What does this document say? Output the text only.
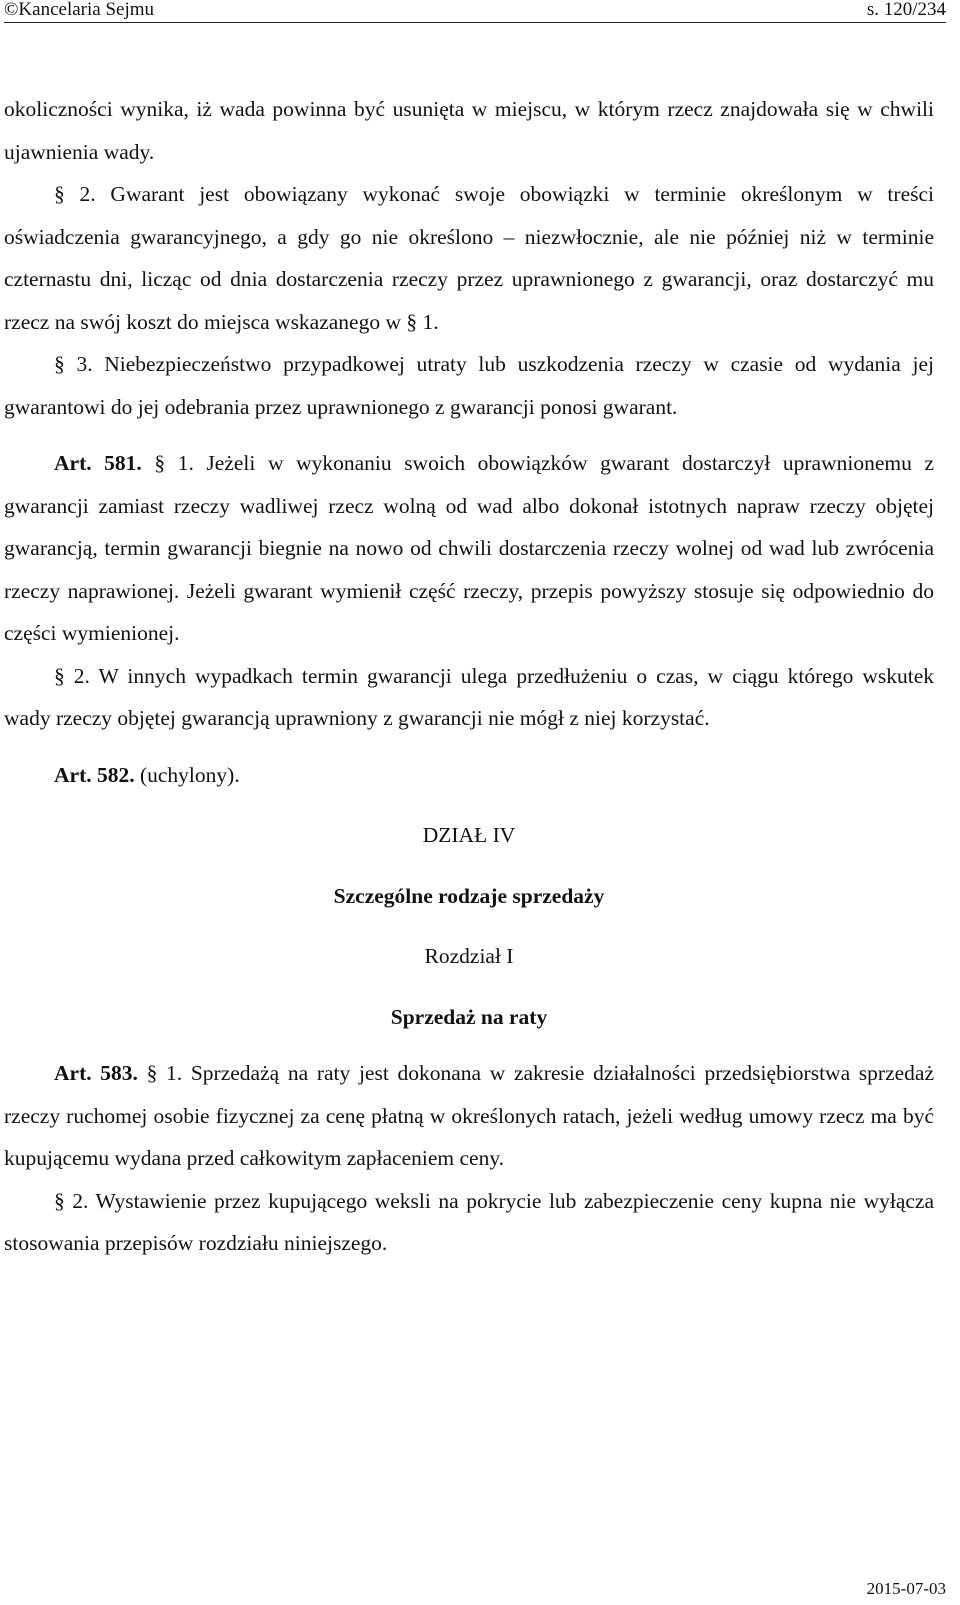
©Kancelaria Sejmu	s. 120/234

okoliczności wynika, iż wada powinna być usunięta w miejscu, w którym rzecz znajdowała się w chwili ujawnienia wady.

§ 2. Gwarant jest obowiązany wykonać swoje obowiązki w terminie określonym w treści oświadczenia gwarancyjnego, a gdy go nie określono – niezwłocznie, ale nie później niż w terminie czternastu dni, licząc od dnia dostarczenia rzeczy przez uprawnionego z gwarancji, oraz dostarczyć mu rzecz na swój koszt do miejsca wskazanego w § 1.

§ 3. Niebezpieczeństwo przypadkowej utraty lub uszkodzenia rzeczy w czasie od wydania jej gwarantowi do jej odebrania przez uprawnionego z gwarancji ponosi gwarant.

Art. 581. § 1. Jeżeli w wykonaniu swoich obowiązków gwarant dostarczył uprawnionemu z gwarancji zamiast rzeczy wadliwej rzecz wolną od wad albo dokonał istotnych napraw rzeczy objętej gwarancją, termin gwarancji biegnie na nowo od chwili dostarczenia rzeczy wolnej od wad lub zwrócenia rzeczy naprawionej. Jeżeli gwarant wymienił część rzeczy, przepis powyższy stosuje się odpowiednio do części wymienionej.

§ 2. W innych wypadkach termin gwarancji ulega przedłużeniu o czas, w ciągu którego wskutek wady rzeczy objętej gwarancją uprawniony z gwarancji nie mógł z niej korzystać.

Art. 582. (uchylony).

DZIAŁ IV

Szczególne rodzaje sprzedaży

Rozdział I

Sprzedaż na raty

Art. 583. § 1. Sprzedażą na raty jest dokonana w zakresie działalności przedsiębiorstwa sprzedaż rzeczy ruchomej osobie fizycznej za cenę płatną w określonych ratach, jeżeli według umowy rzecz ma być kupującemu wydana przed całkowitym zapłaceniem ceny.

§ 2. Wystawienie przez kupującego weksli na pokrycie lub zabezpieczenie ceny kupna nie wyłącza stosowania przepisów rozdziału niniejszego.

2015-07-03
